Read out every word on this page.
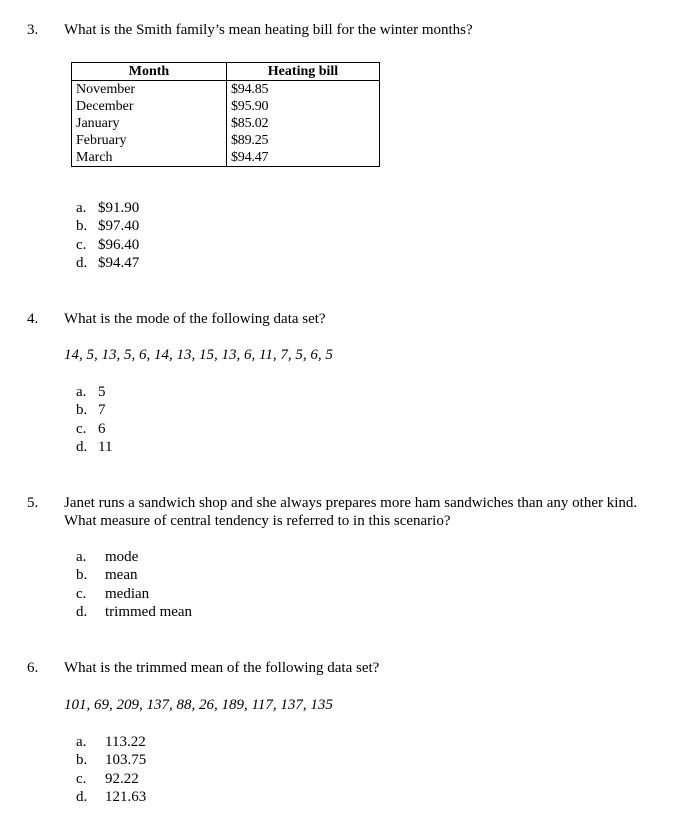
3. What is the Smith family’s mean heating bill for the winter months?
Month	Heating bill
November	$94.85
December	$95.90
January	$85.02
February	$89.25
March	$94.47
a. $91.90
b. $97.40
c. $96.40
d. $94.47
4. What is the mode of the following data set?
14, 5, 13, 5, 6, 14, 13, 15, 13, 6, 11, 7, 5, 6, 5
a. 5
b. 7
c. 6
d. 11
5. Janet runs a sandwich shop and she always prepares more ham sandwiches than any other kind. What measure of central tendency is referred to in this scenario?
a. mode
b. mean
c. median
d. trimmed mean
6. What is the trimmed mean of the following data set?
101, 69, 209, 137, 88, 26, 189, 117, 137, 135
a. 113.22
b. 103.75
c. 92.22
d. 121.63
